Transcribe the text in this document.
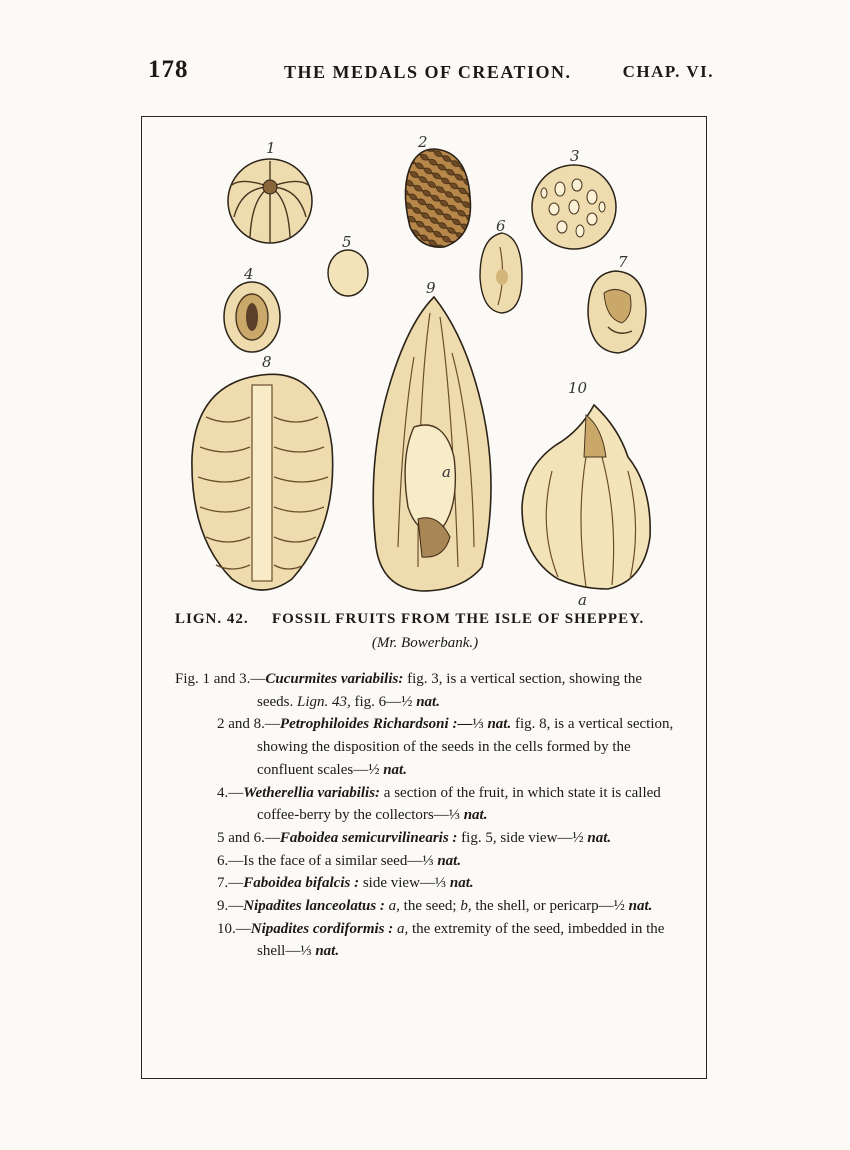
178	THE MEDALS OF CREATION.	CHAP. VI.
1	2
3
4
5
6
7
8
9
10
a
a
LIGN. 42. FOSSIL FRUITS FROM THE ISLE OF SHEPPEY.
(Mr. Bowerbank.)

Fig. 1 and 3.—Cucurmites variabilis: fig. 3, is a vertical section, showing the seeds. Lign. 43, fig. 6—½ nat.

2 and 8.—Petrophiloides Richardsoni :—⅓ nat. fig. 8, is a vertical section, showing the disposition of the seeds in the cells formed by the confluent scales—½ nat.

4.—Wetherellia variabilis: a section of the fruit, in which state it is called coffee-berry by the collectors—⅓ nat.

5 and 6.—Faboidea semicurvilinearis : fig. 5, side view—½ nat.

6.—Is the face of a similar seed—⅓ nat.

7.—Faboidea bifalcis : side view—⅓ nat.

9.—Nipadites lanceolatus : a, the seed; b, the shell, or pericarp—½ nat.

10.—Nipadites cordiformis : a, the extremity of the seed, imbedded in the shell—⅓ nat.
